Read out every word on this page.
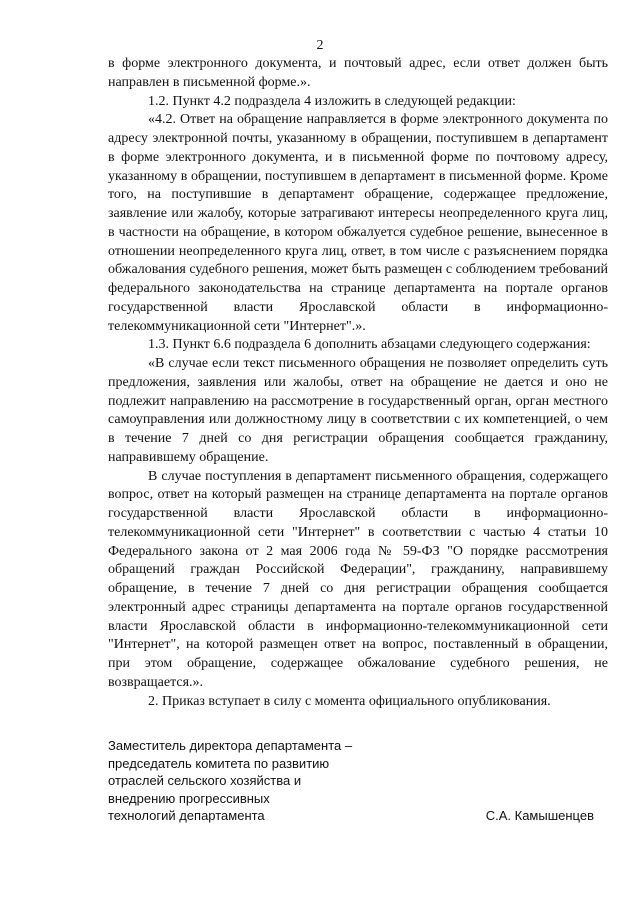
2

в форме электронного документа, и почтовый адрес, если ответ должен быть направлен в письменной форме.».

1.2. Пункт 4.2 подраздела 4 изложить в следующей редакции:

«4.2. Ответ на обращение направляется в форме электронного документа по адресу электронной почты, указанному в обращении, поступившем в департамент в форме электронного документа, и в письменной форме по почтовому адресу, указанному в обращении, поступившем в департамент в письменной форме. Кроме того, на поступившие в департамент обращение, содержащее предложение, заявление или жалобу, которые затрагивают интересы неопределенного круга лиц, в частности на обращение, в котором обжалуется судебное решение, вынесенное в отношении неопределенного круга лиц, ответ, в том числе с разъяснением порядка обжалования судебного решения, может быть размещен с соблюдением требований федерального законодательства на странице департамента на портале органов государственной власти Ярославской области в информационно-телекоммуникационной сети "Интернет".».

1.3. Пункт 6.6 подраздела 6 дополнить абзацами следующего содержания:

«В случае если текст письменного обращения не позволяет определить суть предложения, заявления или жалобы, ответ на обращение не дается и оно не подлежит направлению на рассмотрение в государственный орган, орган местного самоуправления или должностному лицу в соответствии с их компетенцией, о чем в течение 7 дней со дня регистрации обращения сообщается гражданину, направившему обращение.

В случае поступления в департамент письменного обращения, содержащего вопрос, ответ на который размещен на странице департамента на портале органов государственной власти Ярославской области в информационно-телекоммуникационной сети "Интернет" в соответствии с частью 4 статьи 10 Федерального закона от 2 мая 2006 года № 59-ФЗ "О порядке рассмотрения обращений граждан Российской Федерации", гражданину, направившему обращение, в течение 7 дней со дня регистрации обращения сообщается электронный адрес страницы департамента на портале органов государственной власти Ярославской области в информационно-телекоммуникационной сети "Интернет", на которой размещен ответ на вопрос, поставленный в обращении, при этом обращение, содержащее обжалование судебного решения, не возвращается.».

2. Приказ вступает в силу с момента официального опубликования.

Заместитель директора департамента –
председатель комитета по развитию
отраслей сельского хозяйства и
внедрению прогрессивных
технологий департамента	С.А. Камышенцев
